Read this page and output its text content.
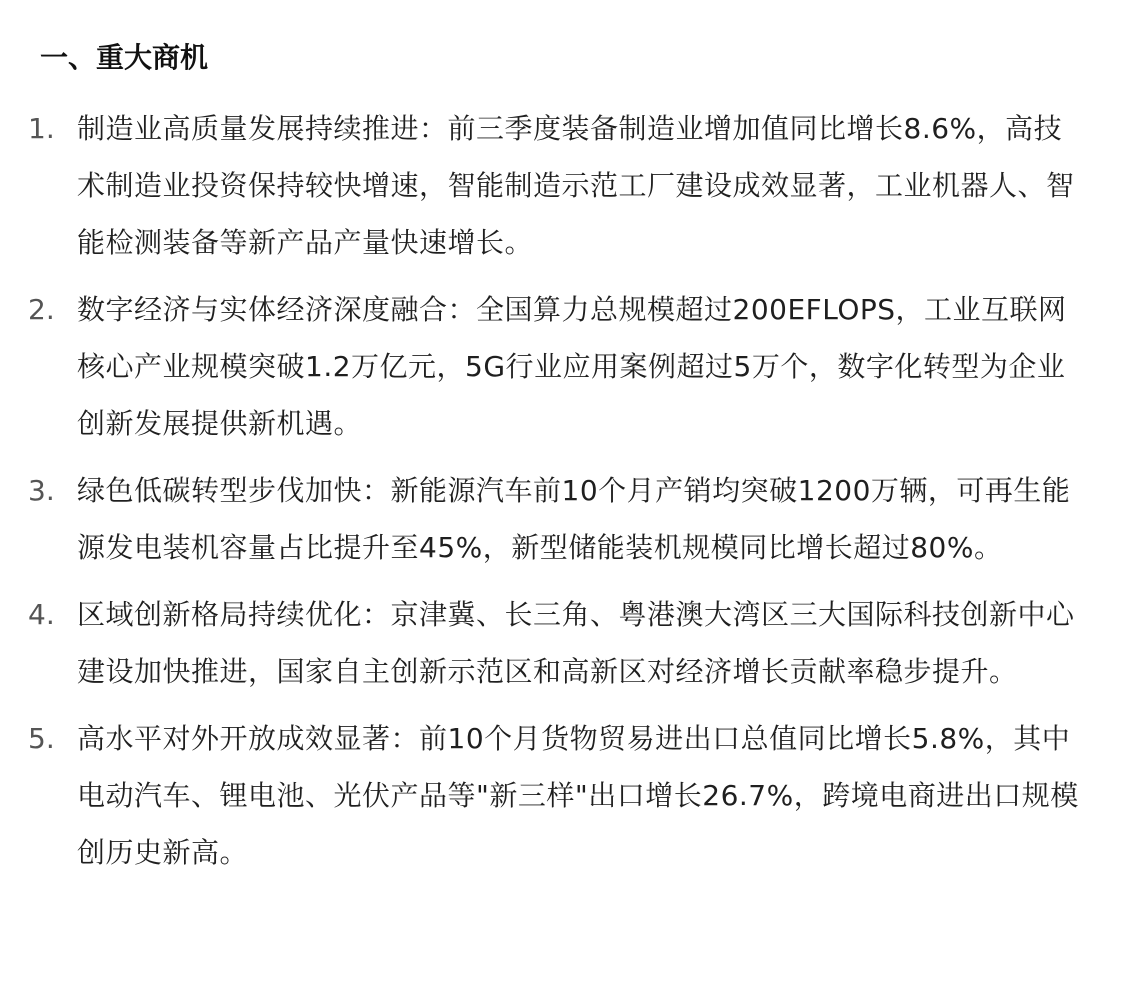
一、重大商机
1. 制造业高质量发展持续推进：前三季度装备制造业增加值同比增长8.6%，高技术制造业投资保持较快增速，智能制造示范工厂建设成效显著，工业机器人、智能检测装备等新产品产量快速增长。
2. 数字经济与实体经济深度融合：全国算力总规模超过200EFLOPS，工业互联网核心产业规模突破1.2万亿元，5G行业应用案例超过5万个，数字化转型为企业创新发展提供新机遇。
3. 绿色低碳转型步伐加快：新能源汽车前10个月产销均突破1200万辆，可再生能源发电装机容量占比提升至45%，新型储能装机规模同比增长超过80%。
4. 区域创新格局持续优化：京津冀、长三角、粤港澳大湾区三大国际科技创新中心建设加快推进，国家自主创新示范区和高新区对经济增长贡献率稳步提升。
5. 高水平对外开放成效显著：前10个月货物贸易进出口总值同比增长5.8%，其中电动汽车、锂电池、光伏产品等"新三样"出口增长26.7%，跨境电商进出口规模创历史新高。
